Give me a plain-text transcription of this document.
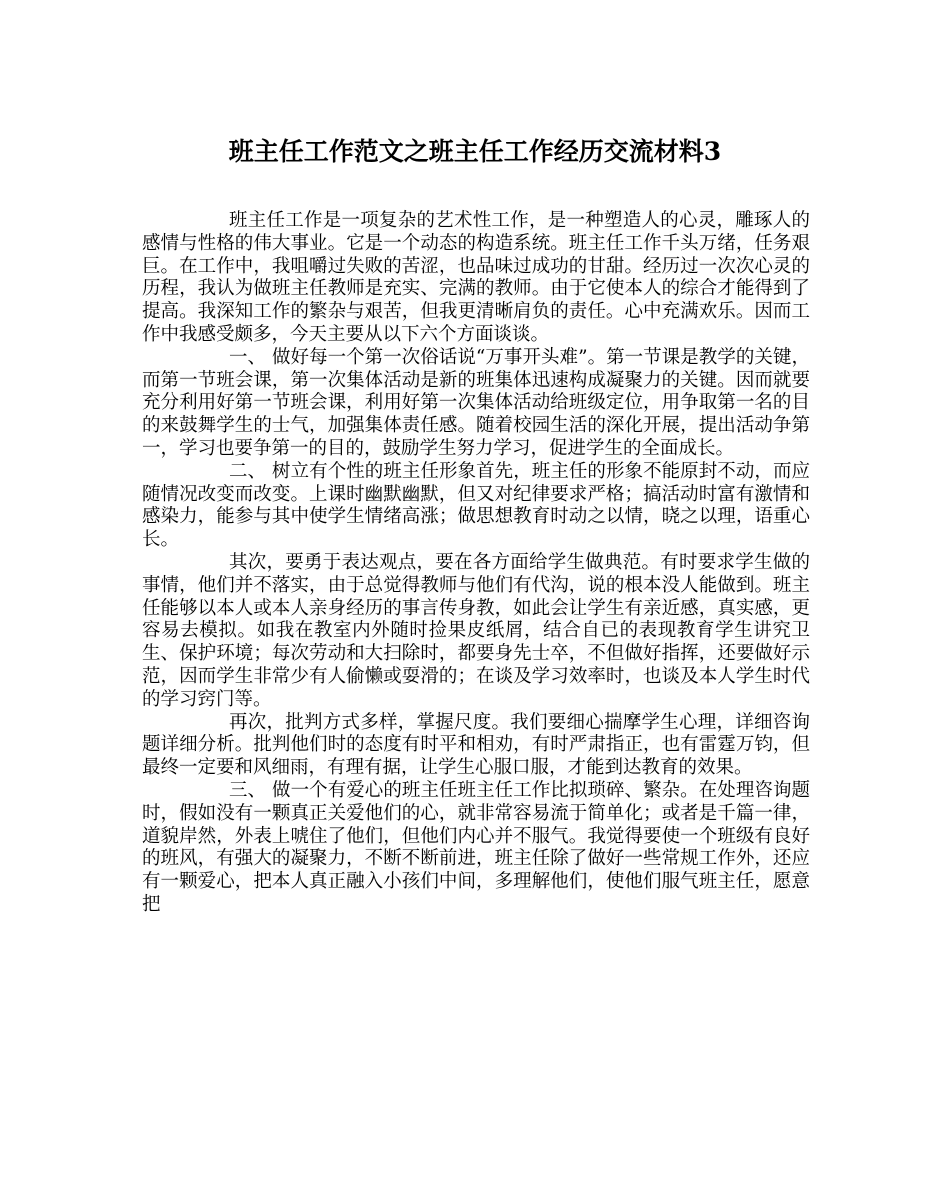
班主任工作范文之班主任工作经历交流材料3

班主任工作是一项复杂的艺术性工作，是一种塑造人的心灵，雕琢人的感情与性格的伟大事业。它是一个动态的构造系统。班主任工作千头万绪，任务艰巨。在工作中，我咀嚼过失败的苦涩，也品味过成功的甘甜。经历过一次次心灵的历程，我认为做班主任教师是充实、完满的教师。由于它使本人的综合才能得到了提高。我深知工作的繁杂与艰苦，但我更清晰肩负的责任。心中充满欢乐。因而工作中我感受颇多，今天主要从以下六个方面谈谈。

一、 做好每一个第一次俗话说“万事开头难”。第一节课是教学的关键，而第一节班会课，第一次集体活动是新的班集体迅速构成凝聚力的关键。因而就要充分利用好第一节班会课，利用好第一次集体活动给班级定位，用争取第一名的目的来鼓舞学生的士气，加强集体责任感。随着校园生活的深化开展，提出活动争第一，学习也要争第一的目的，鼓励学生努力学习，促进学生的全面成长。

二、 树立有个性的班主任形象首先，班主任的形象不能原封不动，而应随情况改变而改变。上课时幽默幽默，但又对纪律要求严格；搞活动时富有激情和感染力，能参与其中使学生情绪高涨；做思想教育时动之以情，晓之以理，语重心长。

其次，要勇于表达观点，要在各方面给学生做典范。有时要求学生做的事情，他们并不落实，由于总觉得教师与他们有代沟，说的根本没人能做到。班主任能够以本人或本人亲身经历的事言传身教，如此会让学生有亲近感，真实感，更容易去模拟。如我在教室内外随时捡果皮纸屑，结合自已的表现教育学生讲究卫生、保护环境；每次劳动和大扫除时，都要身先士卒，不但做好指挥，还要做好示范，因而学生非常少有人偷懒或耍滑的；在谈及学习效率时，也谈及本人学生时代的学习窍门等。

再次，批判方式多样，掌握尺度。我们要细心揣摩学生心理，详细咨询题详细分析。批判他们时的态度有时平和相劝，有时严肃指正，也有雷霆万钧，但最终一定要和风细雨，有理有据，让学生心服口服，才能到达教育的效果。

三、 做一个有爱心的班主任班主任工作比拟琐碎、繁杂。在处理咨询题时，假如没有一颗真正关爱他们的心，就非常容易流于简单化；或者是千篇一律，道貌岸然，外表上唬住了他们，但他们内心并不服气。我觉得要使一个班级有良好的班风，有强大的凝聚力，不断不断前进，班主任除了做好一些常规工作外，还应有一颗爱心，把本人真正融入小孩们中间，多理解他们，使他们服气班主任，愿意把
